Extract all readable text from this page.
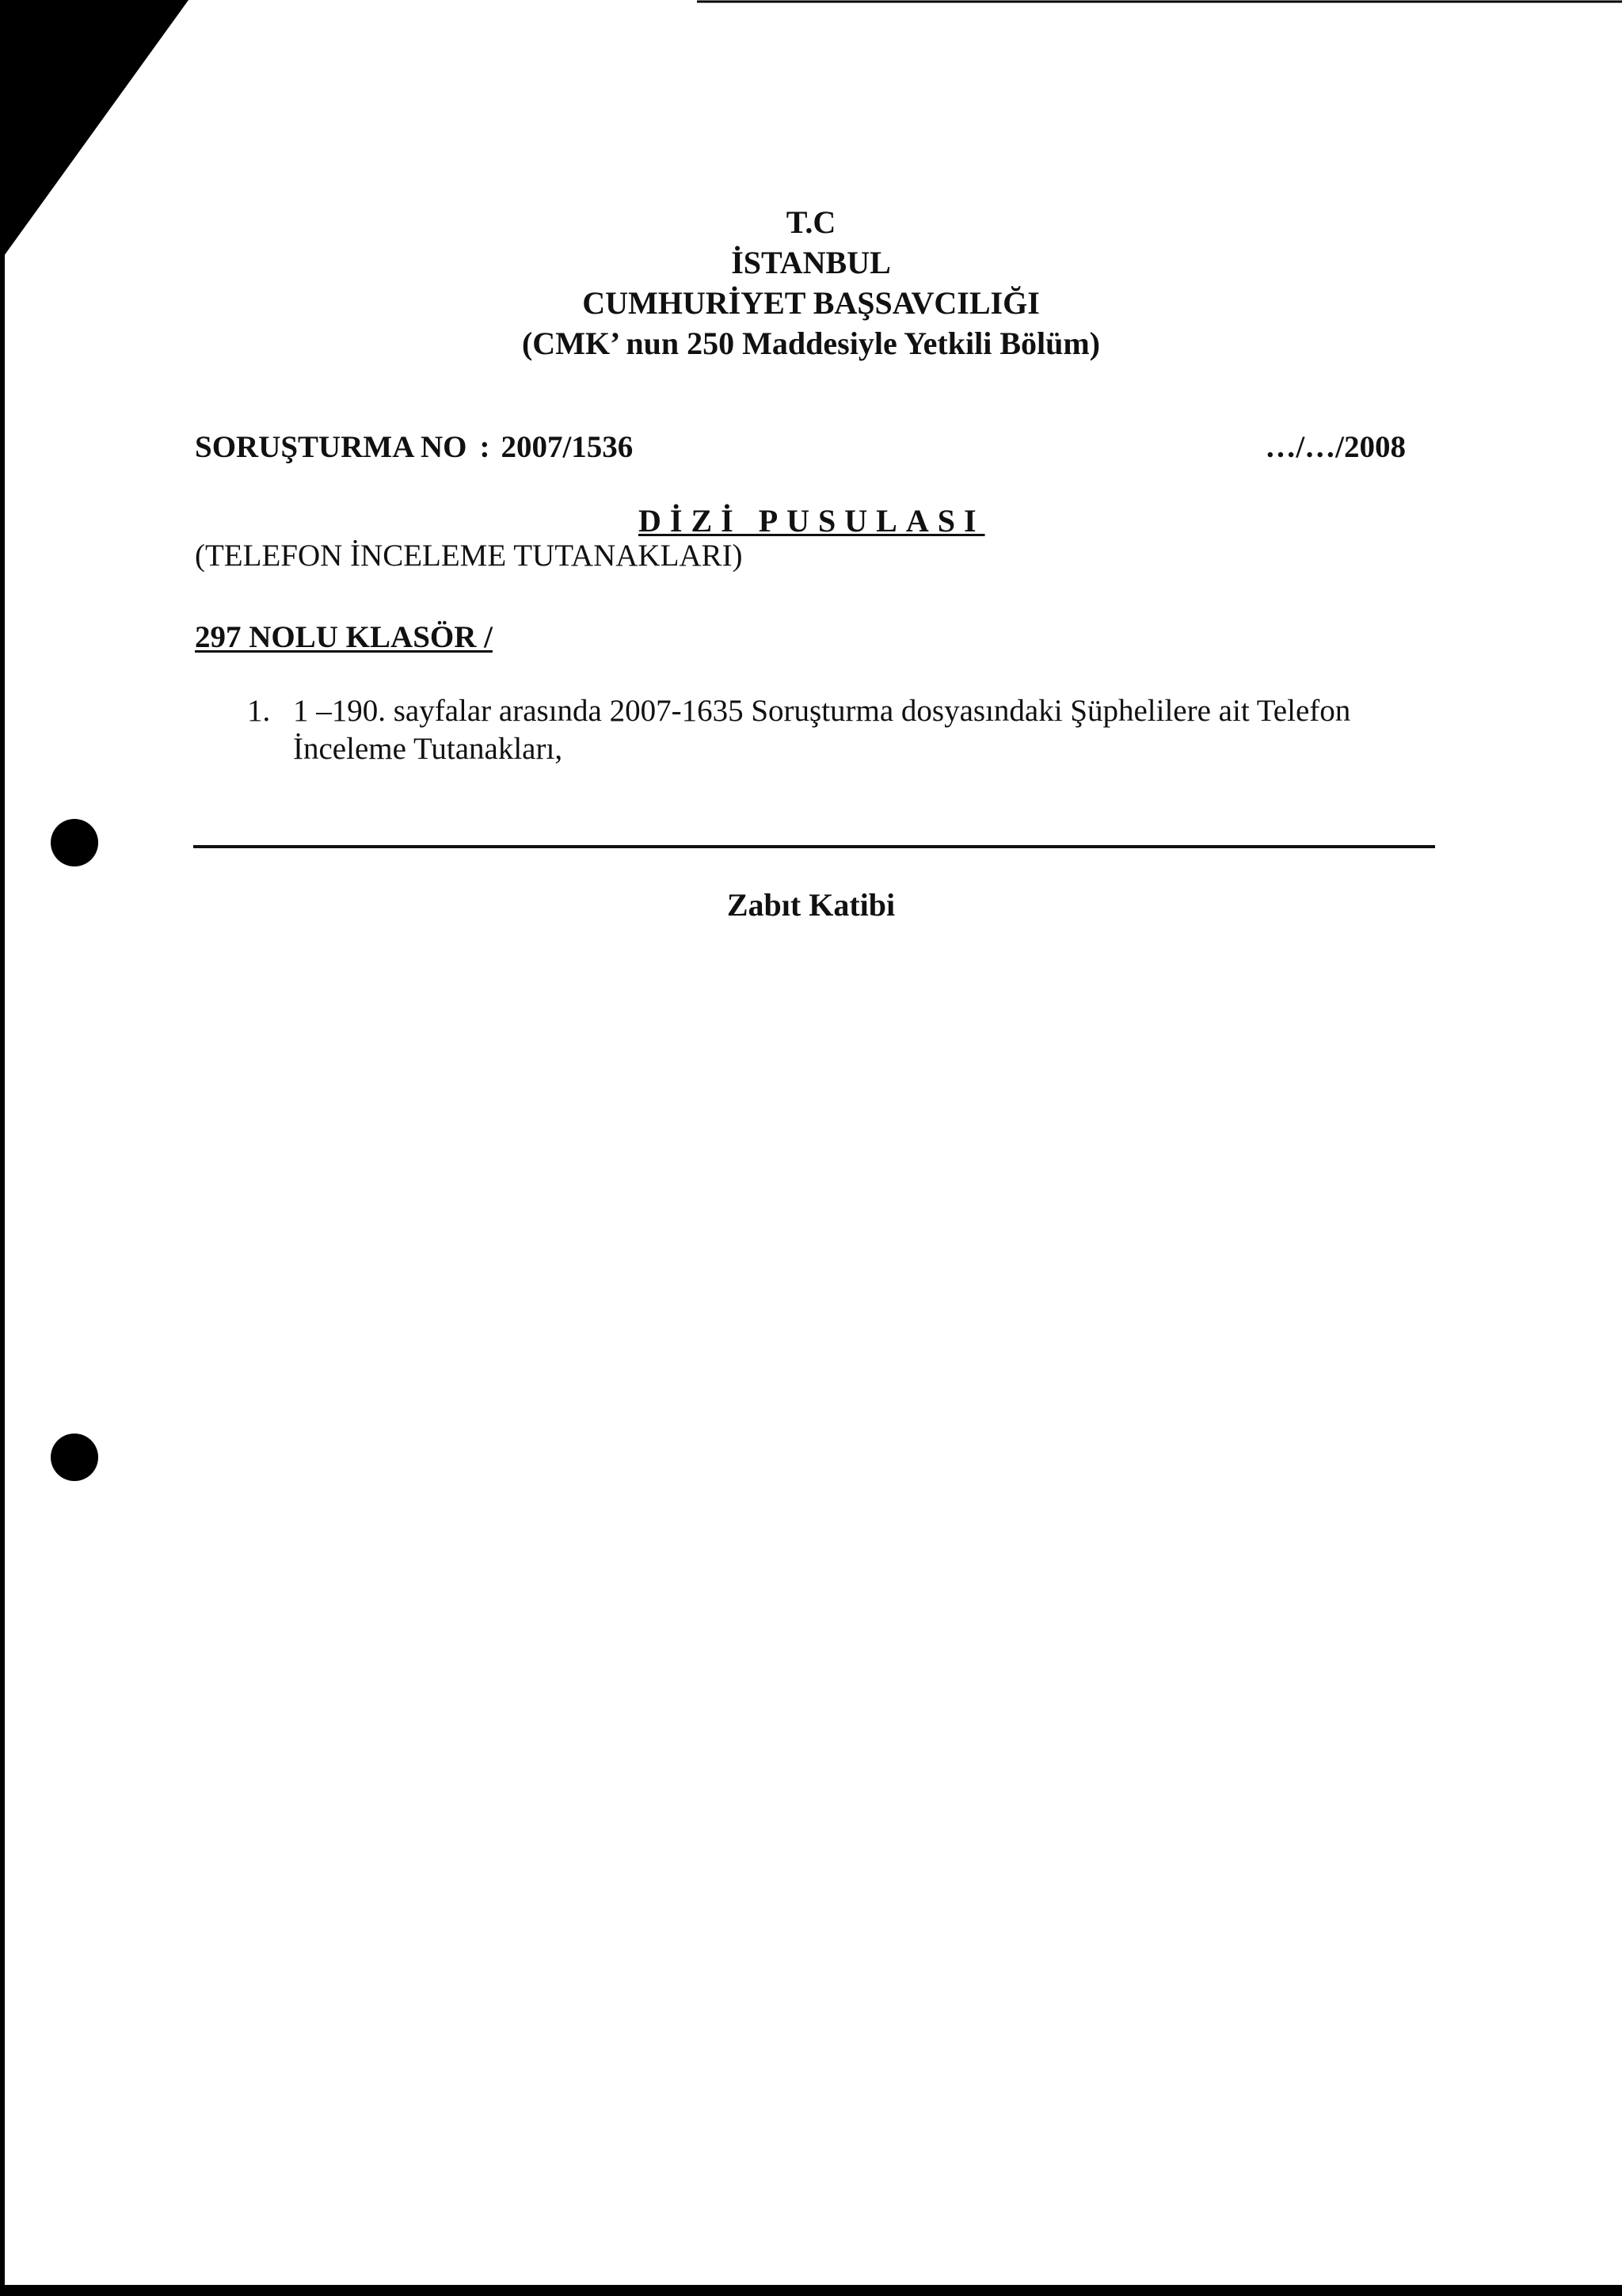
T.C
İSTANBUL
CUMHURİYET BAŞSAVCILIĞI
(CMK’ nun 250 Maddesiyle Yetkili Bölüm)
SORUŞTURMA NO : 2007/1536	…/…/2008
DİZİ PUSULASI
(TELEFON İNCELEME TUTANAKLARI)
297 NOLU KLASÖR /
1. 1 –190. sayfalar arasında 2007-1635 Soruşturma dosyasındaki Şüphelilere ait Telefon İnceleme Tutanakları,
Zabıt Katibi
